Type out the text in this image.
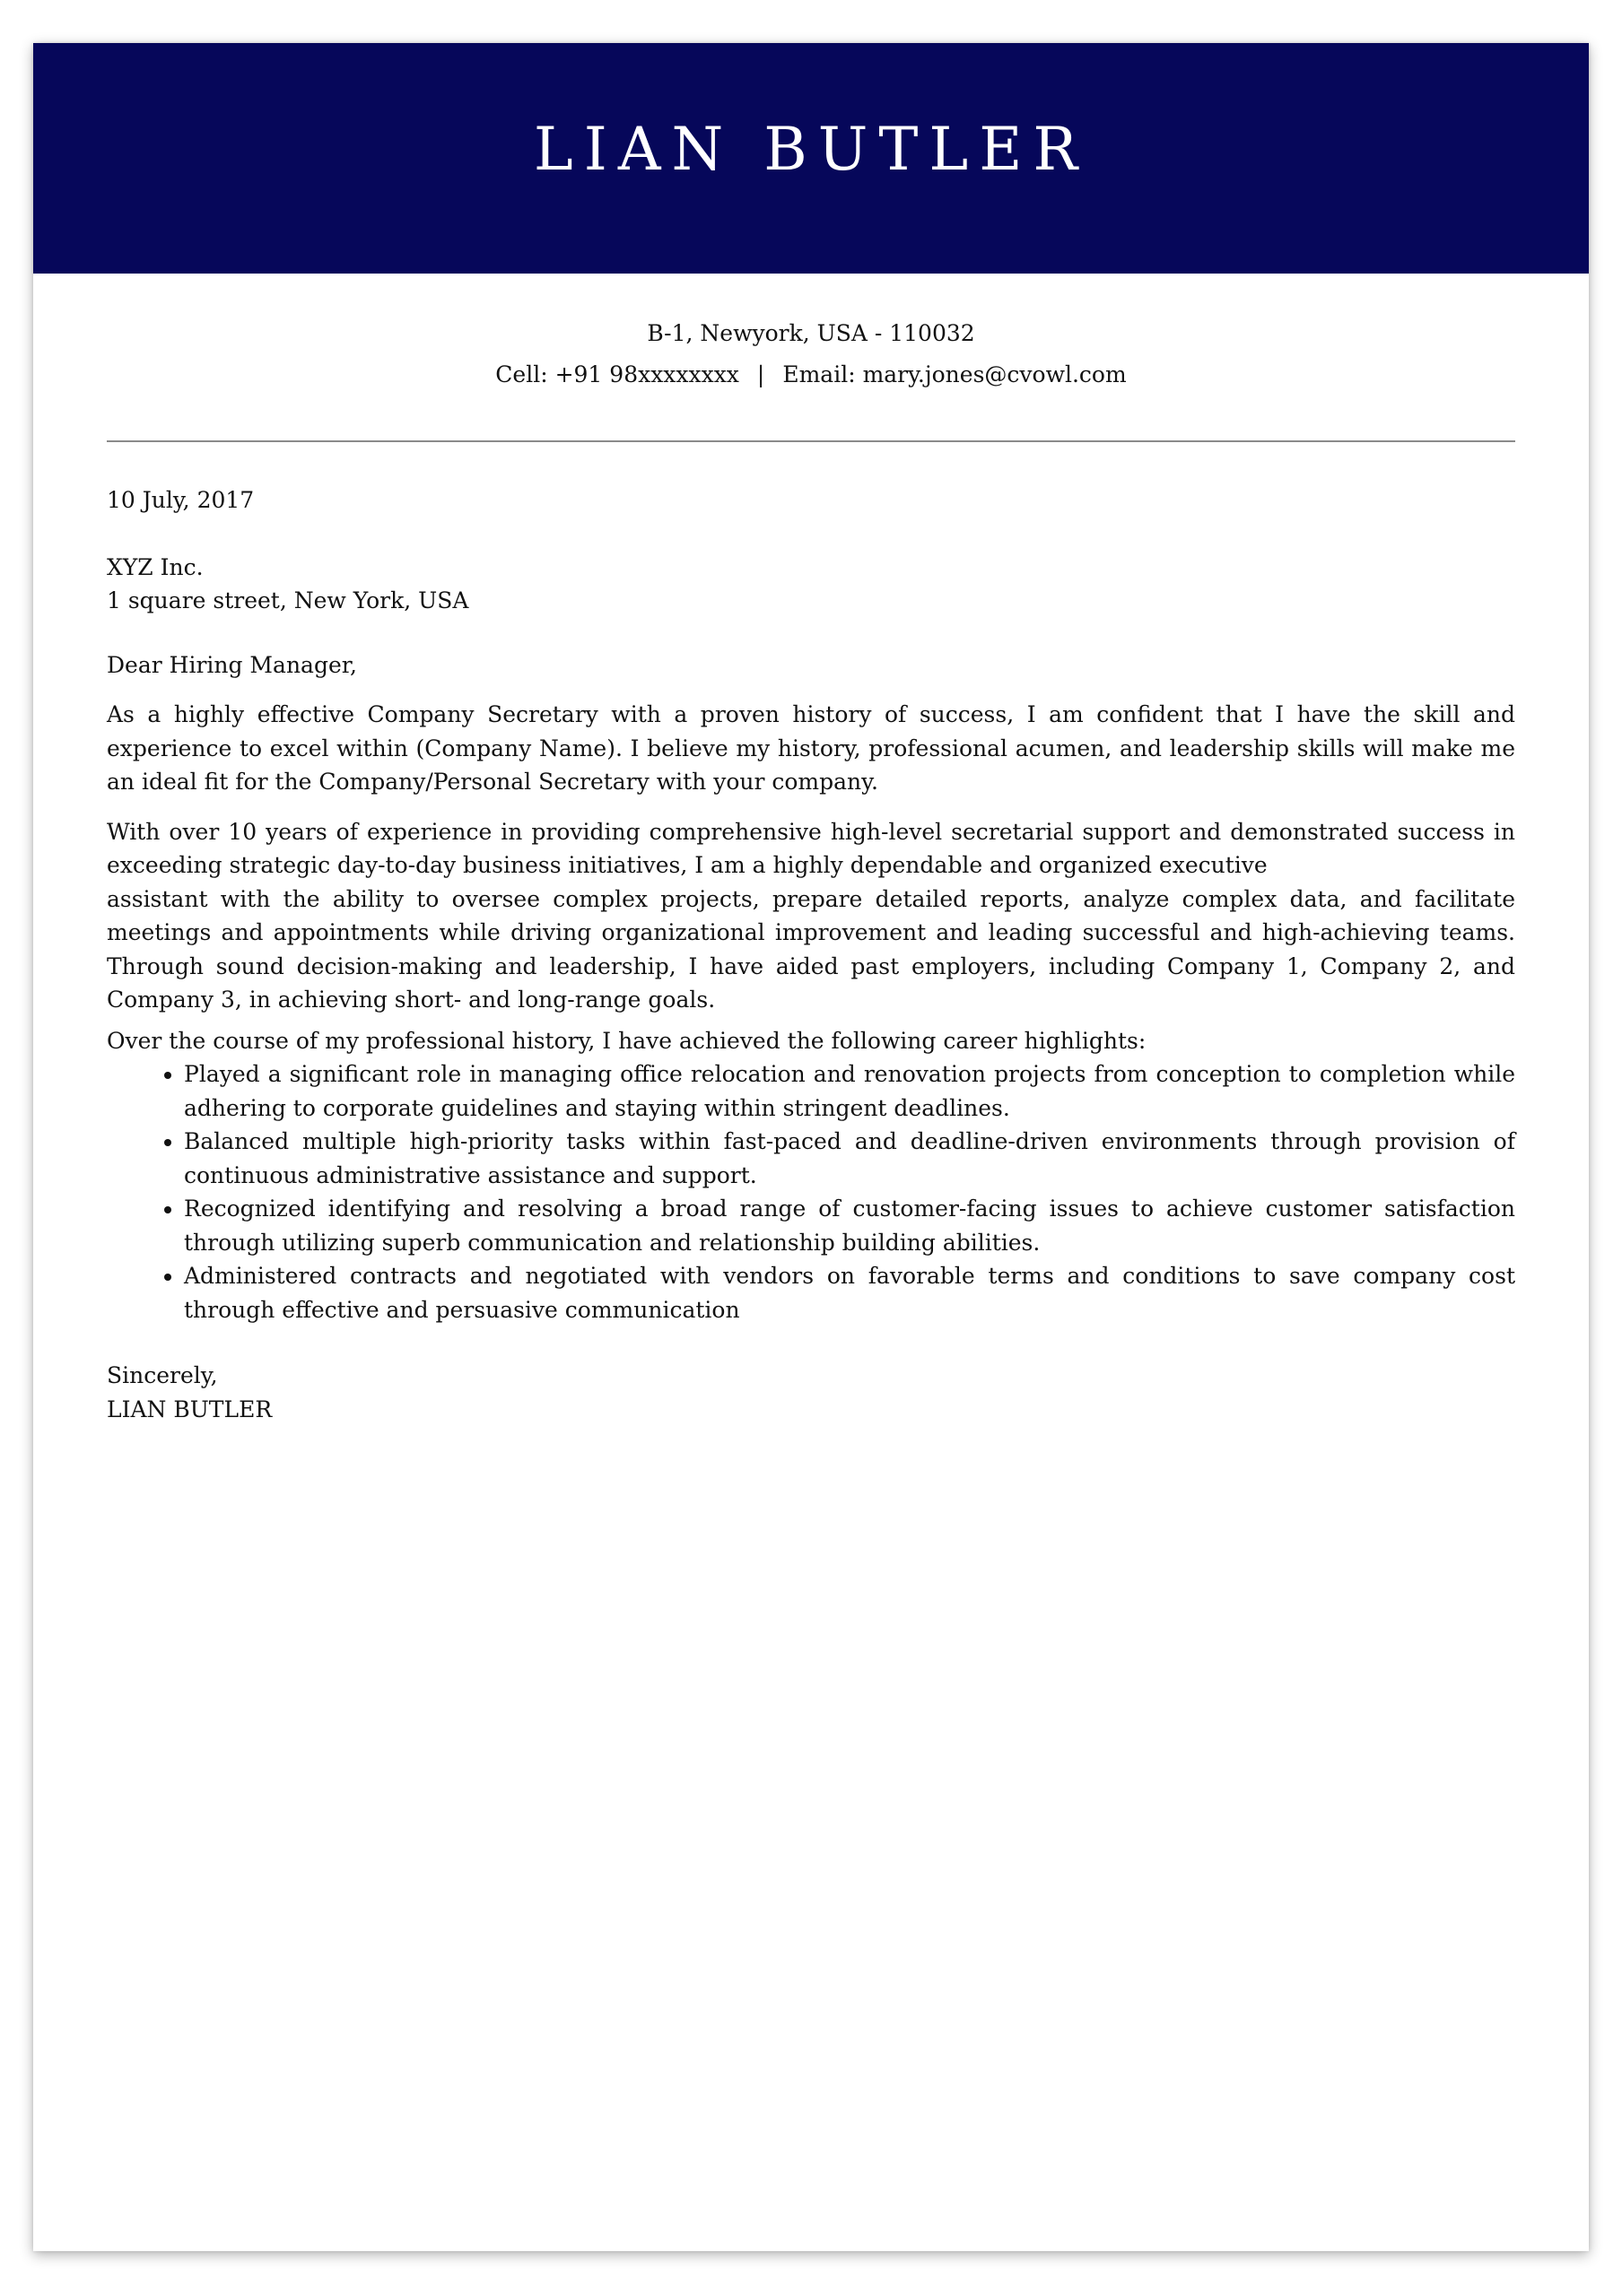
LIAN BUTLER
B-1, Newyork, USA - 110032
Cell: +91 98xxxxxxxx | Email: mary.jones@cvowl.com
10 July, 2017
XYZ Inc.
1 square street, New York, USA
Dear Hiring Manager,

As a highly effective Company Secretary with a proven history of success, I am confident that I have the skill and experience to excel within (Company Name). I believe my history, professional acumen, and leadership skills will make me an ideal fit for the Company/Personal Secretary with your company.

With over 10 years of experience in providing comprehensive high-level secretarial support and demonstrated success in exceeding strategic day-to-day business initiatives, I am a highly dependable and organized executive
assistant with the ability to oversee complex projects, prepare detailed reports, analyze complex data, and facilitate meetings and appointments while driving organizational improvement and leading successful and high-achieving teams. Through sound decision-making and leadership, I have aided past employers, including Company 1, Company 2, and Company 3, in achieving short- and long-range goals.

Over the course of my professional history, I have achieved the following career highlights:
• Played a significant role in managing office relocation and renovation projects from conception to completion while adhering to corporate guidelines and staying within stringent deadlines.
• Balanced multiple high-priority tasks within fast-paced and deadline-driven environments through provision of continuous administrative assistance and support.
• Recognized identifying and resolving a broad range of customer-facing issues to achieve customer satisfaction through utilizing superb communication and relationship building abilities.
• Administered contracts and negotiated with vendors on favorable terms and conditions to save company cost through effective and persuasive communication
Sincerely,
LIAN BUTLER
